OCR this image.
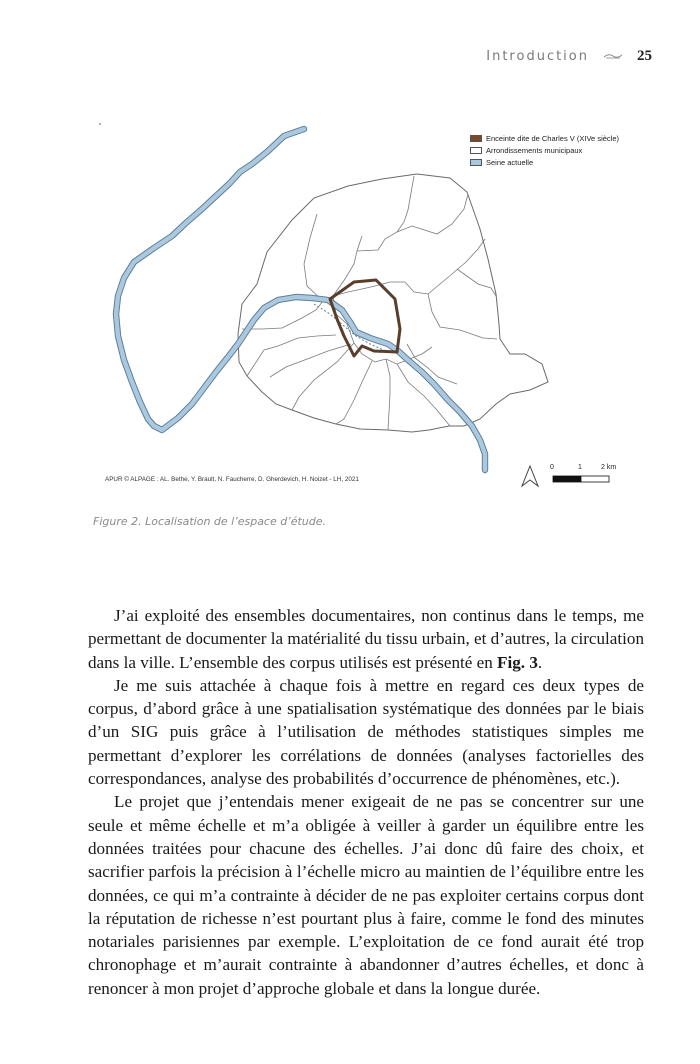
Introduction	25
Enceinte dite de Charles V (XIVe siècle)
Arrondissements municipaux
Seine actuelle
0	1	2 km
APUR © ALPAGE : AL. Bethe, Y. Brault, N. Faucherre, D. Gherdevich, H. Noizet - LH, 2021
Figure 2. Localisation de l’espace d’étude.

J’ai exploité des ensembles documentaires, non continus dans le temps, me permettant de documenter la matérialité du tissu urbain, et d’autres, la circulation dans la ville. L’ensemble des corpus utilisés est présenté en Fig. 3.

Je me suis attachée à chaque fois à mettre en regard ces deux types de corpus, d’abord grâce à une spatialisation systématique des données par le biais d’un SIG puis grâce à l’utilisation de méthodes statistiques simples me permettant d’explorer les corrélations de données (analyses factorielles des correspondances, analyse des probabilités d’occurrence de phénomènes, etc.).

Le projet que j’entendais mener exigeait de ne pas se concentrer sur une seule et même échelle et m’a obligée à veiller à garder un équilibre entre les données traitées pour chacune des échelles. J’ai donc dû faire des choix, et sacrifier parfois la précision à l’échelle micro au maintien de l’équilibre entre les données, ce qui m’a contrainte à décider de ne pas exploiter certains corpus dont la réputation de richesse n’est pourtant plus à faire, comme le fond des minutes notariales parisiennes par exemple. L’exploitation de ce fond aurait été trop chronophage et m’aurait contrainte à abandonner d’autres échelles, et donc à renoncer à mon projet d’approche globale et dans la longue durée.
